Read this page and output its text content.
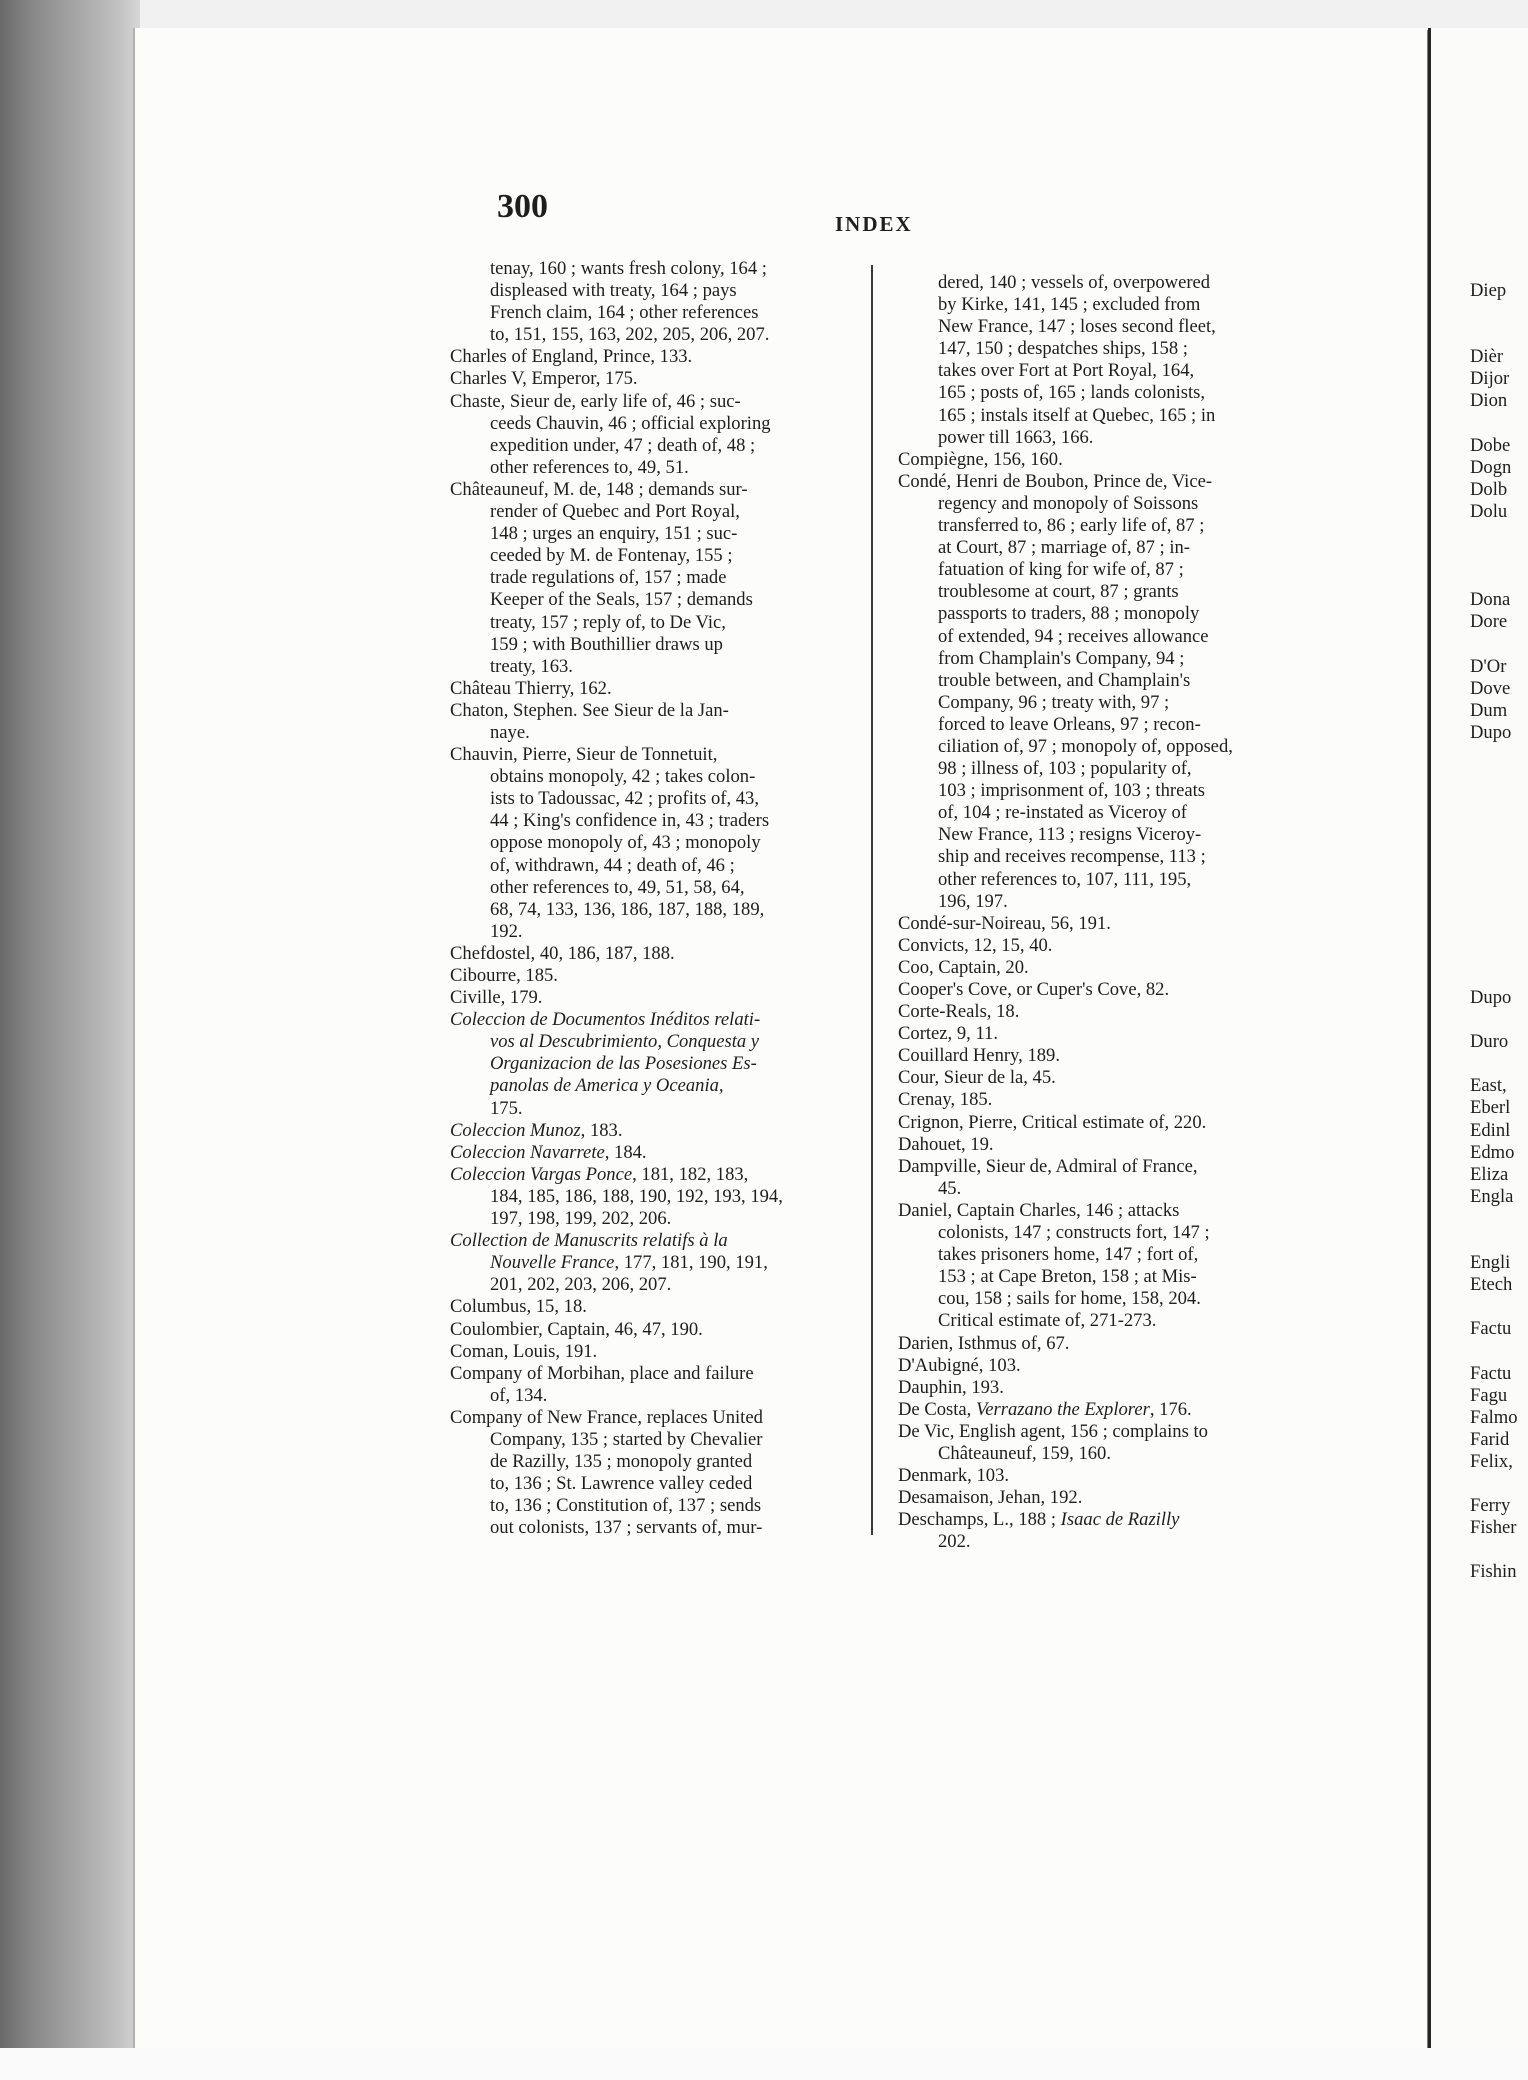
300	INDEX
tenay, 160 ; wants fresh colony, 164 ;
displeased with treaty, 164 ; pays
French claim, 164 ; other references
to, 151, 155, 163, 202, 205, 206, 207.
Charles of England, Prince, 133.
Charles V, Emperor, 175.
Chaste, Sieur de, early life of, 46 ; suc-
ceeds Chauvin, 46 ; official exploring
expedition under, 47 ; death of, 48 ;
other references to, 49, 51.
Châteauneuf, M. de, 148 ; demands sur-
render of Quebec and Port Royal,
148 ; urges an enquiry, 151 ; suc-
ceeded by M. de Fontenay, 155 ;
trade regulations of, 157 ; made
Keeper of the Seals, 157 ; demands
treaty, 157 ; reply of, to De Vic,
159 ; with Bouthillier draws up
treaty, 163.
Château Thierry, 162.
Chaton, Stephen. See Sieur de la Jan-
naye.
Chauvin, Pierre, Sieur de Tonnetuit,
obtains monopoly, 42 ; takes colon-
ists to Tadoussac, 42 ; profits of, 43,
44 ; King's confidence in, 43 ; traders
oppose monopoly of, 43 ; monopoly
of, withdrawn, 44 ; death of, 46 ;
other references to, 49, 51, 58, 64,
68, 74, 133, 136, 186, 187, 188, 189,
192.
Chefdostel, 40, 186, 187, 188.
Cibourre, 185.
Civille, 179.
Coleccion de Documentos Inéditos relati-
vos al Descubrimiento, Conquesta y
Organizacion de las Posesiones Es-
panolas de America y Oceania,
175.
Coleccion Munoz, 183.
Coleccion Navarrete, 184.
Coleccion Vargas Ponce, 181, 182, 183,
184, 185, 186, 188, 190, 192, 193, 194,
197, 198, 199, 202, 206.
Collection de Manuscrits relatifs à la
Nouvelle France, 177, 181, 190, 191,
201, 202, 203, 206, 207.
Columbus, 15, 18.
Coulombier, Captain, 46, 47, 190.
Coman, Louis, 191.
Company of Morbihan, place and failure
of, 134.
Company of New France, replaces United
Company, 135 ; started by Chevalier
de Razilly, 135 ; monopoly granted
to, 136 ; St. Lawrence valley ceded
to, 136 ; Constitution of, 137 ; sends
out colonists, 137 ; servants of, mur-
dered, 140 ; vessels of, overpowered
by Kirke, 141, 145 ; excluded from
New France, 147 ; loses second fleet,
147, 150 ; despatches ships, 158 ;
takes over Fort at Port Royal, 164,
165 ; posts of, 165 ; lands colonists,
165 ; instals itself at Quebec, 165 ; in
power till 1663, 166.
Compiègne, 156, 160.
Condé, Henri de Boubon, Prince de, Vice-
regency and monopoly of Soissons
transferred to, 86 ; early life of, 87 ;
at Court, 87 ; marriage of, 87 ; in-
fatuation of king for wife of, 87 ;
troublesome at court, 87 ; grants
passports to traders, 88 ; monopoly
of extended, 94 ; receives allowance
from Champlain's Company, 94 ;
trouble between, and Champlain's
Company, 96 ; treaty with, 97 ;
forced to leave Orleans, 97 ; recon-
ciliation of, 97 ; monopoly of, opposed,
98 ; illness of, 103 ; popularity of,
103 ; imprisonment of, 103 ; threats
of, 104 ; re-instated as Viceroy of
New France, 113 ; resigns Viceroy-
ship and receives recompense, 113 ;
other references to, 107, 111, 195,
196, 197.
Condé-sur-Noireau, 56, 191.
Convicts, 12, 15, 40.
Coo, Captain, 20.
Cooper's Cove, or Cuper's Cove, 82.
Corte-Reals, 18.
Cortez, 9, 11.
Couillard Henry, 189.
Cour, Sieur de la, 45.
Crenay, 185.
Crignon, Pierre, Critical estimate of, 220.
Dahouet, 19.
Dampville, Sieur de, Admiral of France,
45.
Daniel, Captain Charles, 146 ; attacks
colonists, 147 ; constructs fort, 147 ;
takes prisoners home, 147 ; fort of,
153 ; at Cape Breton, 158 ; at Mis-
cou, 158 ; sails for home, 158, 204.
Critical estimate of, 271-273.
Darien, Isthmus of, 67.
D'Aubigné, 103.
Dauphin, 193.
De Costa, Verrazano the Explorer, 176.
De Vic, English agent, 156 ; complains to
Châteauneuf, 159, 160.
Denmark, 103.
Desamaison, Jehan, 192.
Deschamps, L., 188 ; Isaac de Razilly
202.
Diep

Dièr
Dijor
Dion

Dobe
Dogn
Dolb
Dolu

Dona
Dore

D'Or
Dove
Dum
Dupo

Dupo

Duro

East,
Eberl
Edinl
Edmo
Eliza
Engla

Engli
Etech

Factu

Factu
Fagu
Falmo
Farid
Felix,

Ferry
Fisher

Fishin
